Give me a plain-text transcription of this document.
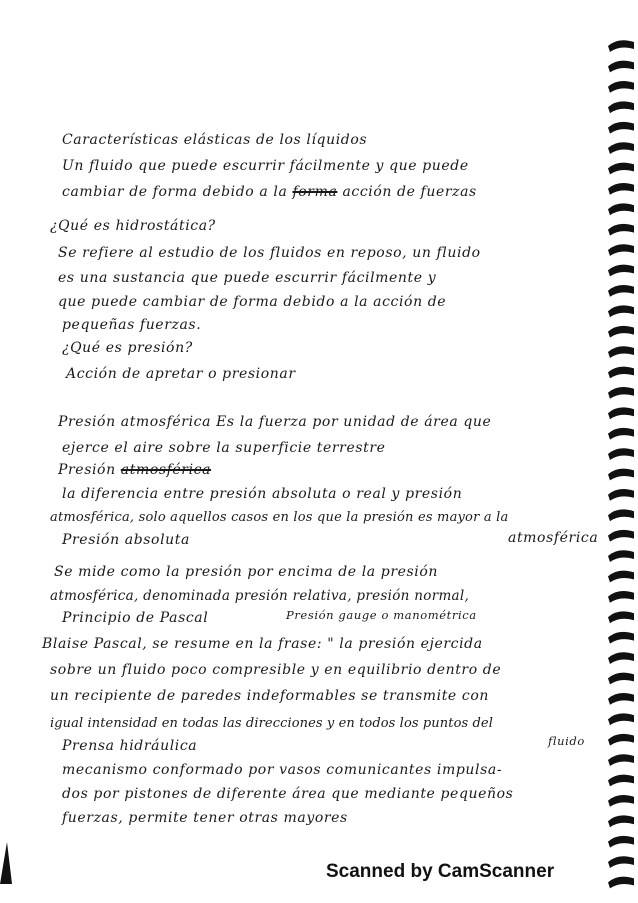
Características elásticas de los líquidos
Un fluido que puede escurrir fácilmente y que puede
cambiar de forma debido a la forma acción de fuerzas
¿Qué es hidrostática?
Se refiere al estudio de los fluidos en reposo, un fluido
es una sustancia que puede escurrir fácilmente y
que puede cambiar de forma debido a la acción de
pequeñas fuerzas.
¿Qué es presión?
Acción de apretar o presionar
Presión atmosférica Es la fuerza por unidad de área que
ejerce el aire sobre la superficie terrestre
Presión atmosférica
la diferencia entre presión absoluta o real y presión
atmosférica, solo aquellos casos en los que la presión es mayor a la
atmosférica
Presión absoluta
Se mide como la presión por encima de la presión
atmosférica, denominada presión relativa, presión normal,
Presión gauge o manométrica
Principio de Pascal
Blaise Pascal, se resume en la frase: " la presión ejercida
sobre un fluido poco compresible y en equilibrio dentro de
un recipiente de paredes indeformables se transmite con
igual intensidad en todas las direcciones y en todos los puntos del
fluido
Prensa hidráulica
mecanismo conformado por vasos comunicantes impulsa-
dos por pistones de diferente área que mediante pequeños
fuerzas, permite tener otras mayores
Scanned by CamScanner
